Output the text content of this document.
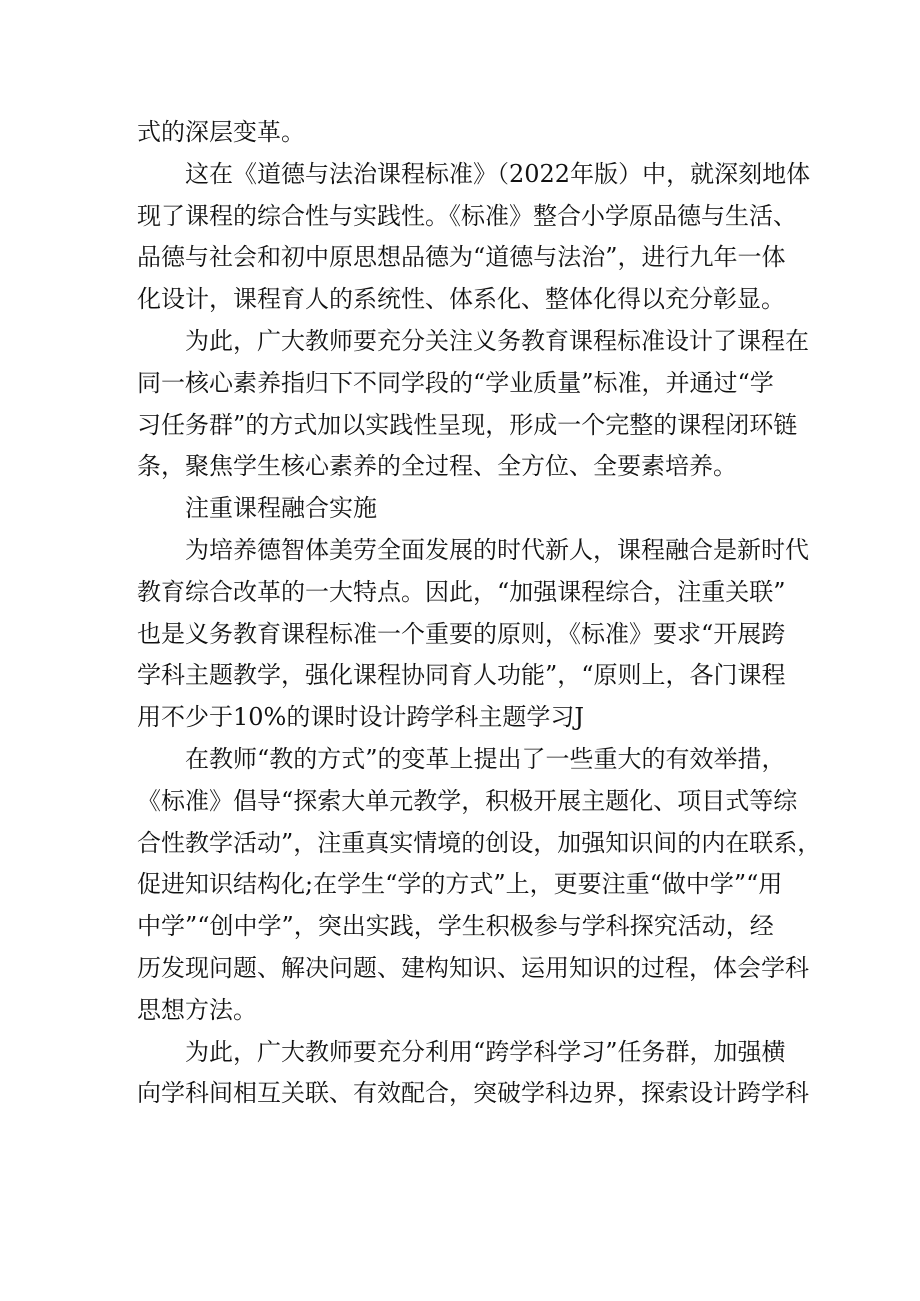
式的深层变革。

这在《道德与法治课程标准》（2022年版）中，就深刻地体
现了课程的综合性与实践性。《标准》整合小学原品德与生活、
品德与社会和初中原思想品德为“道德与法治”，进行九年一体
化设计，课程育人的系统性、体系化、整体化得以充分彰显。

为此，广大教师要充分关注义务教育课程标准设计了课程在
同一核心素养指归下不同学段的“学业质量”标准，并通过“学
习任务群”的方式加以实践性呈现，形成一个完整的课程闭环链
条，聚焦学生核心素养的全过程、全方位、全要素培养。

注重课程融合实施

为培养德智体美劳全面发展的时代新人，课程融合是新时代
教育综合改革的一大特点。因此，“加强课程综合，注重关联”
也是义务教育课程标准一个重要的原则，《标准》要求“开展跨
学科主题教学，强化课程协同育人功能”，“原则上，各门课程
用不少于10%的课时设计跨学科主题学习J

在教师“教的方式”的变革上提出了一些重大的有效举措，
《标准》倡导“探索大单元教学，积极开展主题化、项目式等综
合性教学活动”，注重真实情境的创设，加强知识间的内在联系，
促进知识结构化;在学生“学的方式”上，更要注重“做中学”“用
中学”“创中学”，突出实践，学生积极参与学科探究活动，经
历发现问题、解决问题、建构知识、运用知识的过程，体会学科
思想方法。

为此，广大教师要充分利用“跨学科学习”任务群，加强横
向学科间相互关联、有效配合，突破学科边界，探索设计跨学科
